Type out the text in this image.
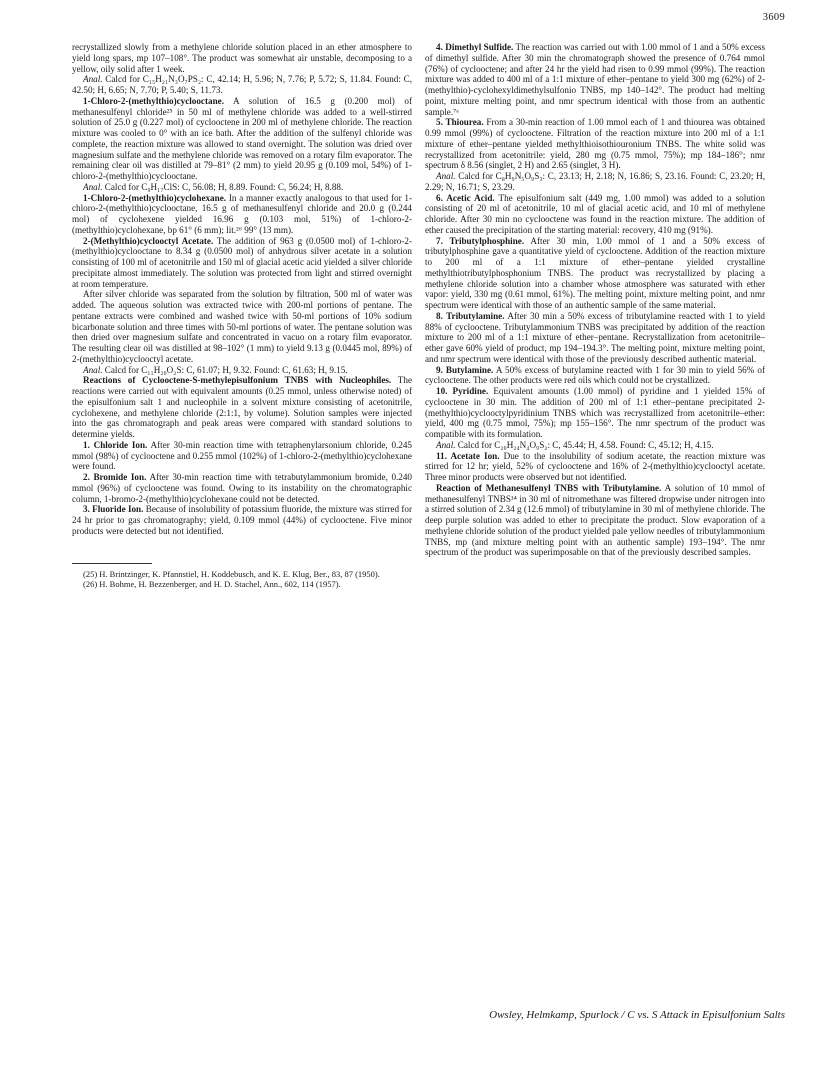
3609

recrystallized slowly from a methylene chloride solution placed in an ether atmosphere to yield long spars, mp 107–108°. The product was somewhat air unstable, decomposing to a yellow, oily solid after 1 week.

Anal. Calcd for C₁₅H₂₁N₃O₇PS₂: C, 42.14; H, 5.96; N, 7.76; P, 5.72; S, 11.84. Found: C, 42.50; H, 6.65; N, 7.70; P, 5.40; S, 11.73.

1-Chloro-2-(methylthio)cyclooctane. A solution of 16.5 g (0.200 mol) of methanesulfenyl chloride²⁵ in 50 ml of methylene chloride was added to a well-stirred solution of 25.0 g (0.227 mol) of cyclooctene in 200 ml of methylene chloride. The reaction mixture was cooled to 0° with an ice bath. After the addition of the sulfenyl chloride was complete, the reaction mixture was allowed to stand overnight. The solution was dried over magnesium sulfate and the methylene chloride was removed on a rotary film evaporator. The remaining clear oil was distilled at 79–81° (2 mm) to yield 20.95 g (0.109 mol, 54%) of 1-chloro-2-(methylthio)cyclooctane.

Anal. Calcd for C₉H₁₇ClS: C, 56.08; H, 8.89. Found: C, 56.24; H, 8.88.

1-Chloro-2-(methylthio)cyclohexane. In a manner exactly analogous to that used for 1-chloro-2-(methylthio)cyclooctane, 16.5 g of methanesulfenyl chloride and 20.0 g (0.244 mol) of cyclohexene yielded 16.96 g (0.103 mol, 51%) of 1-chloro-2-(methylthio)cyclohexane, bp 61° (6 mm); lit.²⁶ 99° (13 mm).

2-(Methylthio)cyclooctyl Acetate. The addition of 963 g (0.0500 mol) of 1-chloro-2-(methylthio)cyclooctane to 8.34 g (0.0500 mol) of anhydrous silver acetate in a solution consisting of 100 ml of acetonitrile and 150 ml of glacial acetic acid yielded a silver chloride precipitate almost immediately. The solution was protected from light and stirred overnight at room temperature.

After silver chloride was separated from the solution by filtration, 500 ml of water was added. The aqueous solution was extracted twice with 200-ml portions of pentane. The pentane extracts were combined and washed twice with 50-ml portions of 10% sodium bicarbonate solution and three times with 50-ml portions of water. The pentane solution was then dried over magnesium sulfate and concentrated in vacuo on a rotary film evaporator. The resulting clear oil was distilled at 98–102° (1 mm) to yield 9.13 g (0.0445 mol, 89%) of 2-(methylthio)cyclooctyl acetate.

Anal. Calcd for C₁₁H₂₀O₂S: C, 61.07; H, 9.32. Found: C, 61.63; H, 9.15.

Reactions of Cyclooctene-S-methylepisulfonium TNBS with Nucleophiles. The reactions were carried out with equivalent amounts (0.25 mmol, unless otherwise noted) of the episulfonium salt 1 and nucleophile in a solvent mixture consisting of acetonitrile, cyclohexene, and methylene chloride (2:1:1, by volume). Solution samples were injected into the gas chromatograph and peak areas were compared with standard solutions to determine yields.

1. Chloride Ion. After 30-min reaction time with tetraphenylarsonium chloride, 0.245 mmol (98%) of cyclooctene and 0.255 mmol (102%) of 1-chloro-2-(methylthio)cyclohexane were found.

2. Bromide Ion. After 30-min reaction time with tetrabutylammonium bromide, 0.240 mmol (96%) of cyclooctene was found. Owing to its instability on the chromatographic column, 1-bromo-2-(methylthio)cyclohexane could not be detected.

3. Fluoride Ion. Because of insolubility of potassium fluoride, the mixture was stirred for 24 hr prior to gas chromatography; yield, 0.109 mmol (44%) of cyclooctene. Five minor products were detected but not identified.

(25) H. Brintzinger, K. Pfannstiel, H. Koddebusch, and K. E. Klug, Ber., 83, 87 (1950).

(26) H. Bohme, H. Bezzenberger, and H. D. Stachel, Ann., 602, 114 (1957).

4. Dimethyl Sulfide. The reaction was carried out with 1.00 mmol of 1 and a 50% excess of dimethyl sulfide. After 30 min the chromatograph showed the presence of 0.764 mmol (76%) of cyclooctene; and after 24 hr the yield had risen to 0.99 mmol (99%). The reaction mixture was added to 400 ml of a 1:1 mixture of ether–pentane to yield 300 mg (62%) of 2-(methylthio)-cyclohexyldimethylsulfonio TNBS, mp 140–142°. The product had melting point, mixture melting point, and nmr spectrum identical with those from an authentic sample.⁷ᵃ

5. Thiourea. From a 30-min reaction of 1.00 mmol each of 1 and thiourea was obtained 0.99 mmol (99%) of cyclooctene. Filtration of the reaction mixture into 200 ml of a 1:1 mixture of ether–pentane yielded methylthioisothiouronium TNBS. The white solid was recrystallized from acetonitrile: yield, 280 mg (0.75 mmol, 75%); mp 184–186°; nmr spectrum δ 8.56 (singlet, 2 H) and 2.65 (singlet, 3 H).

Anal. Calcd for C₈H₉N₅O₉S₃: C, 23.13; H, 2.18; N, 16.86; S, 23.16. Found: C, 23.20; H, 2.29; N, 16.71; S, 23.29.

6. Acetic Acid. The episulfonium salt (449 mg, 1.00 mmol) was added to a solution consisting of 20 ml of acetonitrile, 10 ml of glacial acetic acid, and 10 ml of methylene chloride. After 30 min no cyclooctene was found in the reaction mixture. The addition of ether caused the precipitation of the starting material: recovery, 410 mg (91%).

7. Tributylphosphine. After 30 min, 1.00 mmol of 1 and a 50% excess of tributylphosphine gave a quantitative yield of cyclooctene. Addition of the reaction mixture to 200 ml of a 1:1 mixture of ether–pentane yielded crystalline methylthiotributylphosphonium TNBS. The product was recrystallized by placing a methylene chloride solution into a chamber whose atmosphere was saturated with ether vapor: yield, 330 mg (0.61 mmol, 61%). The melting point, mixture melting point, and nmr spectrum were identical with those of an authentic sample of the same material.

8. Tributylamine. After 30 min a 50% excess of tributylamine reacted with 1 to yield 88% of cyclooctene. Tributylammonium TNBS was precipitated by addition of the reaction mixture to 200 ml of a 1:1 mixture of ether–pentane. Recrystallization from acetonitrile–ether gave 60% yield of product, mp 194–194.3°. The melting point, mixture melting point, and nmr spectrum were identical with those of the previously described authentic material.

9. Butylamine. A 50% excess of butylamine reacted with 1 for 30 min to yield 56% of cyclooctene. The other products were red oils which could not be crystallized.

10. Pyridine. Equivalent amounts (1.00 mmol) of pyridine and 1 yielded 15% of cyclooctene in 30 min. The addition of 200 ml of 1:1 ether–pentane precipitated 2-(methylthio)cyclooctylpyridinium TNBS which was recrystallized from acetonitrile–ether: yield, 400 mg (0.75 mmol, 75%); mp 155–156°. The nmr spectrum of the product was compatible with its formulation.

Anal. Calcd for C₂₀H₂₄N₄O₉S₂: C, 45.44; H, 4.58. Found: C, 45.12; H, 4.15.

11. Acetate Ion. Due to the insolubility of sodium acetate, the reaction mixture was stirred for 12 hr; yield, 52% of cyclooctene and 16% of 2-(methylthio)cyclooctyl acetate. Three minor products were observed but not identified.

Reaction of Methanesulfenyl TNBS with Tributylamine. A solution of 10 mmol of methanesulfenyl TNBS¹⁴ in 30 ml of nitromethane was filtered dropwise under nitrogen into a stirred solution of 2.34 g (12.6 mmol) of tributylamine in 30 ml of methylene chloride. The deep purple solution was added to ether to precipitate the product. Slow evaporation of a methylene chloride solution of the product yielded pale yellow needles of tributylammonium TNBS, mp (and mixture melting point with an authentic sample) 193–194°. The nmr spectrum of the product was superimposable on that of the previously described samples.

Owsley, Helmkamp, Spurlock / C vs. S Attack in Episulfonium Salts
